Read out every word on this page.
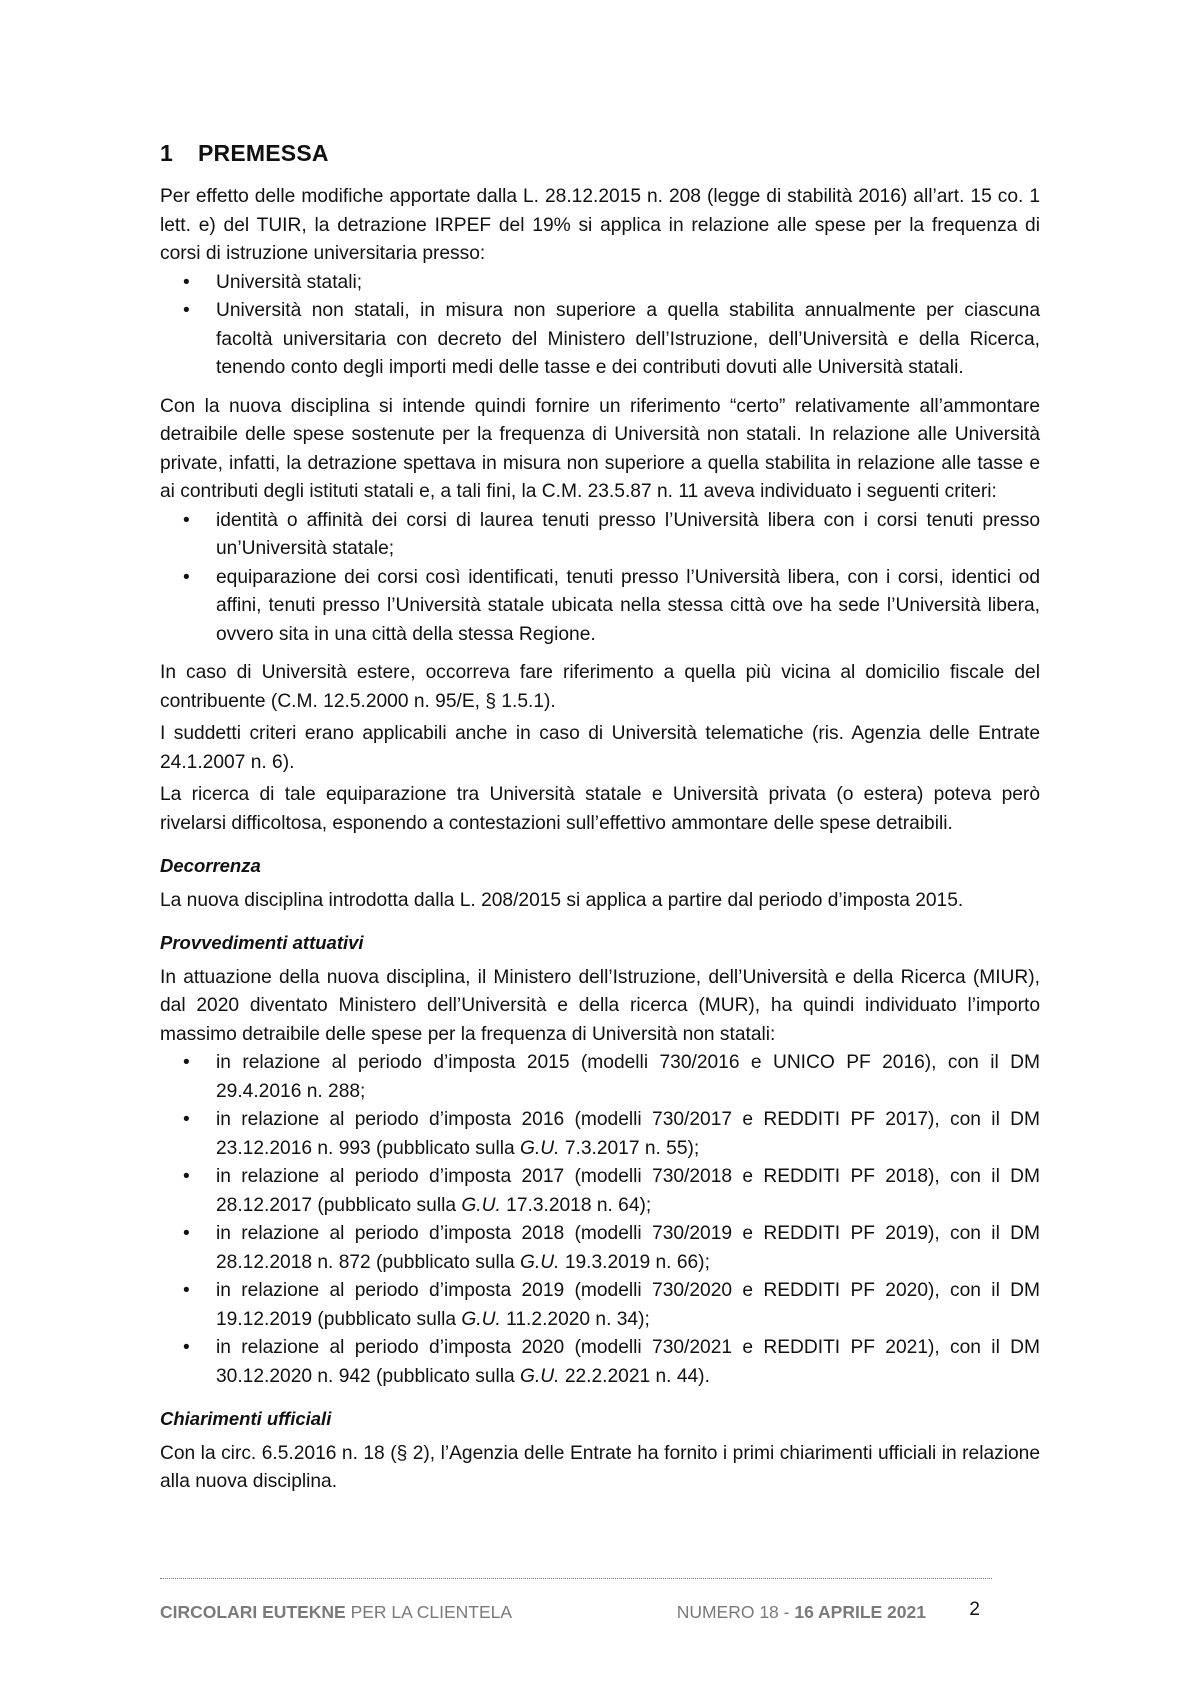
1 PREMESSA

Per effetto delle modifiche apportate dalla L. 28.12.2015 n. 208 (legge di stabilità 2016) all’art. 15 co. 1 lett. e) del TUIR, la detrazione IRPEF del 19% si applica in relazione alle spese per la frequenza di corsi di istruzione universitaria presso:

• Università statali;
• Università non statali, in misura non superiore a quella stabilita annualmente per ciascuna facoltà universitaria con decreto del Ministero dell’Istruzione, dell’Università e della Ricerca, tenendo conto degli importi medi delle tasse e dei contributi dovuti alle Università statali.

Con la nuova disciplina si intende quindi fornire un riferimento “certo” relativamente all’ammontare detraibile delle spese sostenute per la frequenza di Università non statali. In relazione alle Università private, infatti, la detrazione spettava in misura non superiore a quella stabilita in relazione alle tasse e ai contributi degli istituti statali e, a tali fini, la C.M. 23.5.87 n. 11 aveva individuato i seguenti criteri:

• identità o affinità dei corsi di laurea tenuti presso l’Università libera con i corsi tenuti presso un’Università statale;
• equiparazione dei corsi così identificati, tenuti presso l’Università libera, con i corsi, identici od affini, tenuti presso l’Università statale ubicata nella stessa città ove ha sede l’Università libera, ovvero sita in una città della stessa Regione.

In caso di Università estere, occorreva fare riferimento a quella più vicina al domicilio fiscale del contribuente (C.M. 12.5.2000 n. 95/E, § 1.5.1).

I suddetti criteri erano applicabili anche in caso di Università telematiche (ris. Agenzia delle Entrate 24.1.2007 n. 6).

La ricerca di tale equiparazione tra Università statale e Università privata (o estera) poteva però rivelarsi difficoltosa, esponendo a contestazioni sull’effettivo ammontare delle spese detraibili.

Decorrenza

La nuova disciplina introdotta dalla L. 208/2015 si applica a partire dal periodo d’imposta 2015.

Provvedimenti attuativi

In attuazione della nuova disciplina, il Ministero dell’Istruzione, dell’Università e della Ricerca (MIUR), dal 2020 diventato Ministero dell’Università e della ricerca (MUR), ha quindi individuato l’importo massimo detraibile delle spese per la frequenza di Università non statali:

• in relazione al periodo d’imposta 2015 (modelli 730/2016 e UNICO PF 2016), con il DM 29.4.2016 n. 288;
• in relazione al periodo d’imposta 2016 (modelli 730/2017 e REDDITI PF 2017), con il DM 23.12.2016 n. 993 (pubblicato sulla G.U. 7.3.2017 n. 55);
• in relazione al periodo d’imposta 2017 (modelli 730/2018 e REDDITI PF 2018), con il DM 28.12.2017 (pubblicato sulla G.U. 17.3.2018 n. 64);
• in relazione al periodo d’imposta 2018 (modelli 730/2019 e REDDITI PF 2019), con il DM 28.12.2018 n. 872 (pubblicato sulla G.U. 19.3.2019 n. 66);
• in relazione al periodo d’imposta 2019 (modelli 730/2020 e REDDITI PF 2020), con il DM 19.12.2019 (pubblicato sulla G.U. 11.2.2020 n. 34);
• in relazione al periodo d’imposta 2020 (modelli 730/2021 e REDDITI PF 2021), con il DM 30.12.2020 n. 942 (pubblicato sulla G.U. 22.2.2021 n. 44).
Chiarimenti ufficiali

Con la circ. 6.5.2016 n. 18 (§ 2), l’Agenzia delle Entrate ha fornito i primi chiarimenti ufficiali in relazione alla nuova disciplina.

CIRCOLARI EUTEKNE PER LA CLIENTELA	NUMERO 18 - 16 APRILE 2021 2
